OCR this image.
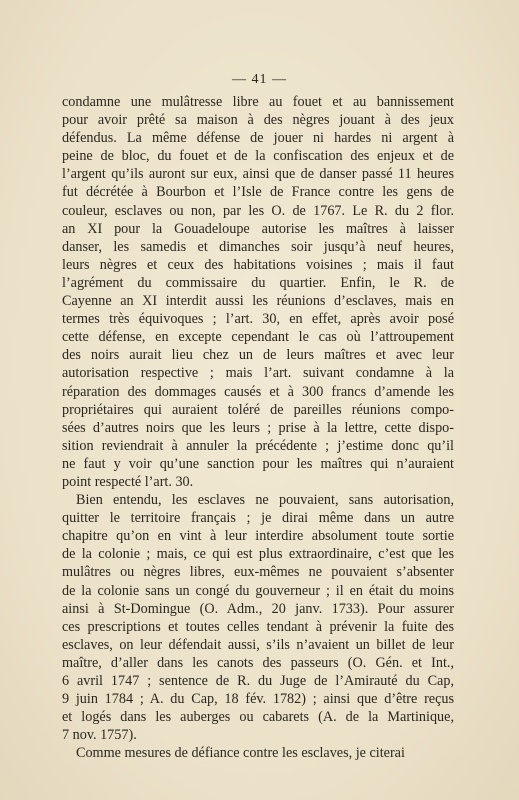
— 41 —
condamne une mulâtresse libre au fouet et au bannissement
pour avoir prêté sa maison à des nègres jouant à des jeux
défendus. La même défense de jouer ni hardes ni argent à
peine de bloc, du fouet et de la confiscation des enjeux et de
l’argent qu’ils auront sur eux, ainsi que de danser passé 11 heures
fut décrétée à Bourbon et l’Isle de France contre les gens de
couleur, esclaves ou non, par les O. de 1767. Le R. du 2 flor.
an XI pour la Gouadeloupe autorise les maîtres à laisser
danser, les samedis et dimanches soir jusqu’à neuf heures,
leurs nègres et ceux des habitations voisines ; mais il faut
l’agrément du commissaire du quartier. Enfin, le R. de
Cayenne an XI interdit aussi les réunions d’esclaves, mais en
termes très équivoques ; l’art. 30, en effet, après avoir posé
cette défense, en excepte cependant le cas où l’attroupement
des noirs aurait lieu chez un de leurs maîtres et avec leur
autorisation respective ; mais l’art. suivant condamne à la
réparation des dommages causés et à 300 francs d’amende les
propriétaires qui auraient toléré de pareilles réunions compo-
sées d’autres noirs que les leurs ; prise à la lettre, cette dispo-
sition reviendrait à annuler la précédente ; j’estime donc qu’il
ne faut y voir qu’une sanction pour les maîtres qui n’auraient
point respecté l’art. 30.
Bien entendu, les esclaves ne pouvaient, sans autorisation,
quitter le territoire français ; je dirai même dans un autre
chapitre qu’on en vint à leur interdire absolument toute sortie
de la colonie ; mais, ce qui est plus extraordinaire, c’est que les
mulâtres ou nègres libres, eux-mêmes ne pouvaient s’absenter
de la colonie sans un congé du gouverneur ; il en était du moins
ainsi à St-Domingue (O. Adm., 20 janv. 1733). Pour assurer
ces prescriptions et toutes celles tendant à prévenir la fuite des
esclaves, on leur défendait aussi, s’ils n’avaient un billet de leur
maître, d’aller dans les canots des passeurs (O. Gén. et Int.,
6 avril 1747 ; sentence de R. du Juge de l’Amirauté du Cap,
9 juin 1784 ; A. du Cap, 18 fév. 1782) ; ainsi que d’être reçus
et logés dans les auberges ou cabarets (A. de la Martinique,
7 nov. 1757).
Comme mesures de défiance contre les esclaves, je citerai
